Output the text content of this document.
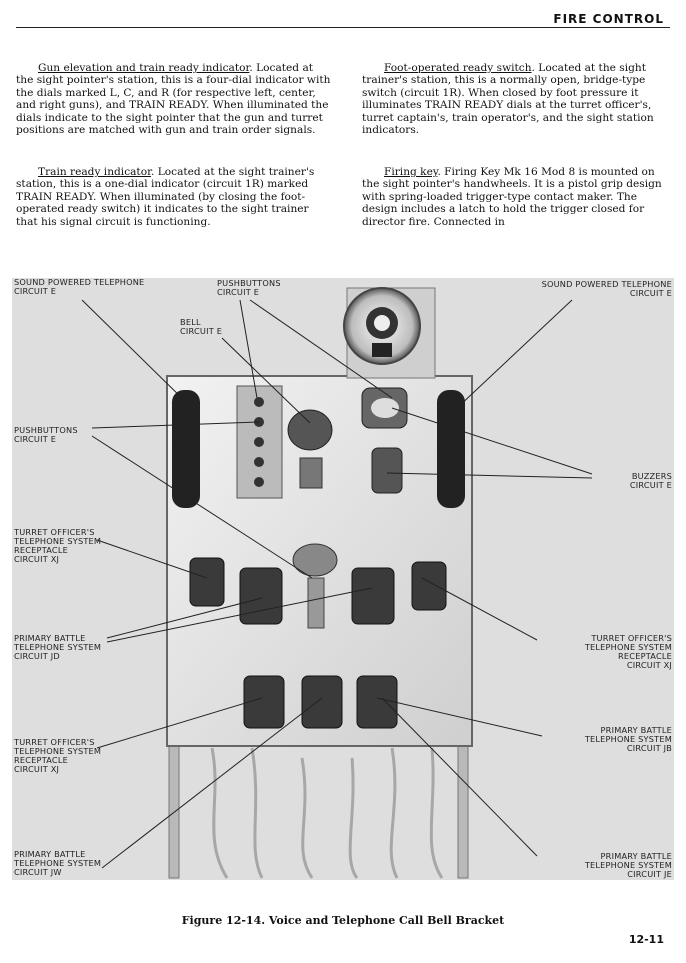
FIRE CONTROL

Gun elevation and train ready indicator. Located at the sight pointer's station, this is a four-dial indicator with the dials marked L, C, and R (for respective left, center, and right guns), and TRAIN READY. When illuminated the dials indicate to the sight pointer that the gun and turret positions are matched with gun and train order signals.

Train ready indicator. Located at the sight trainer's station, this is a one-dial indicator (circuit 1R) marked TRAIN READY. When illuminated (by closing the foot-operated ready switch) it indicates to the sight trainer that his signal circuit is functioning.

Foot-operated ready switch. Located at the sight trainer's station, this is a normally open, bridge-type switch (circuit 1R). When closed by foot pressure it illuminates TRAIN READY dials at the turret officer's, turret captain's, train operator's, and the sight station indicators.

Firing key. Firing Key Mk 16 Mod 8 is mounted on the sight pointer's handwheels. It is a pistol grip design with spring-loaded trigger-type contact maker. The design includes a latch to hold the trigger closed for director fire. Connected in

SOUND POWERED TELEPHONE
CIRCUIT E
PUSHBUTTONS
CIRCUIT E
SOUND POWERED TELEPHONE
CIRCUIT E
BELL
CIRCUIT E
PUSHBUTTONS
CIRCUIT E
BUZZERS
CIRCUIT E
TURRET OFFICER'S
TELEPHONE SYSTEM
RECEPTACLE
CIRCUIT XJ
PRIMARY BATTLE
TELEPHONE SYSTEM
CIRCUIT JD
TURRET OFFICER'S
TELEPHONE SYSTEM
RECEPTACLE
CIRCUIT XJ
PRIMARY BATTLE
TELEPHONE SYSTEM
CIRCUIT JB
TURRET OFFICER'S
TELEPHONE SYSTEM
RECEPTACLE
CIRCUIT XJ
PRIMARY BATTLE
TELEPHONE SYSTEM
CIRCUIT JW
PRIMARY BATTLE
TELEPHONE SYSTEM
CIRCUIT JE
Figure 12-14. Voice and Telephone Call Bell Bracket
12-11
